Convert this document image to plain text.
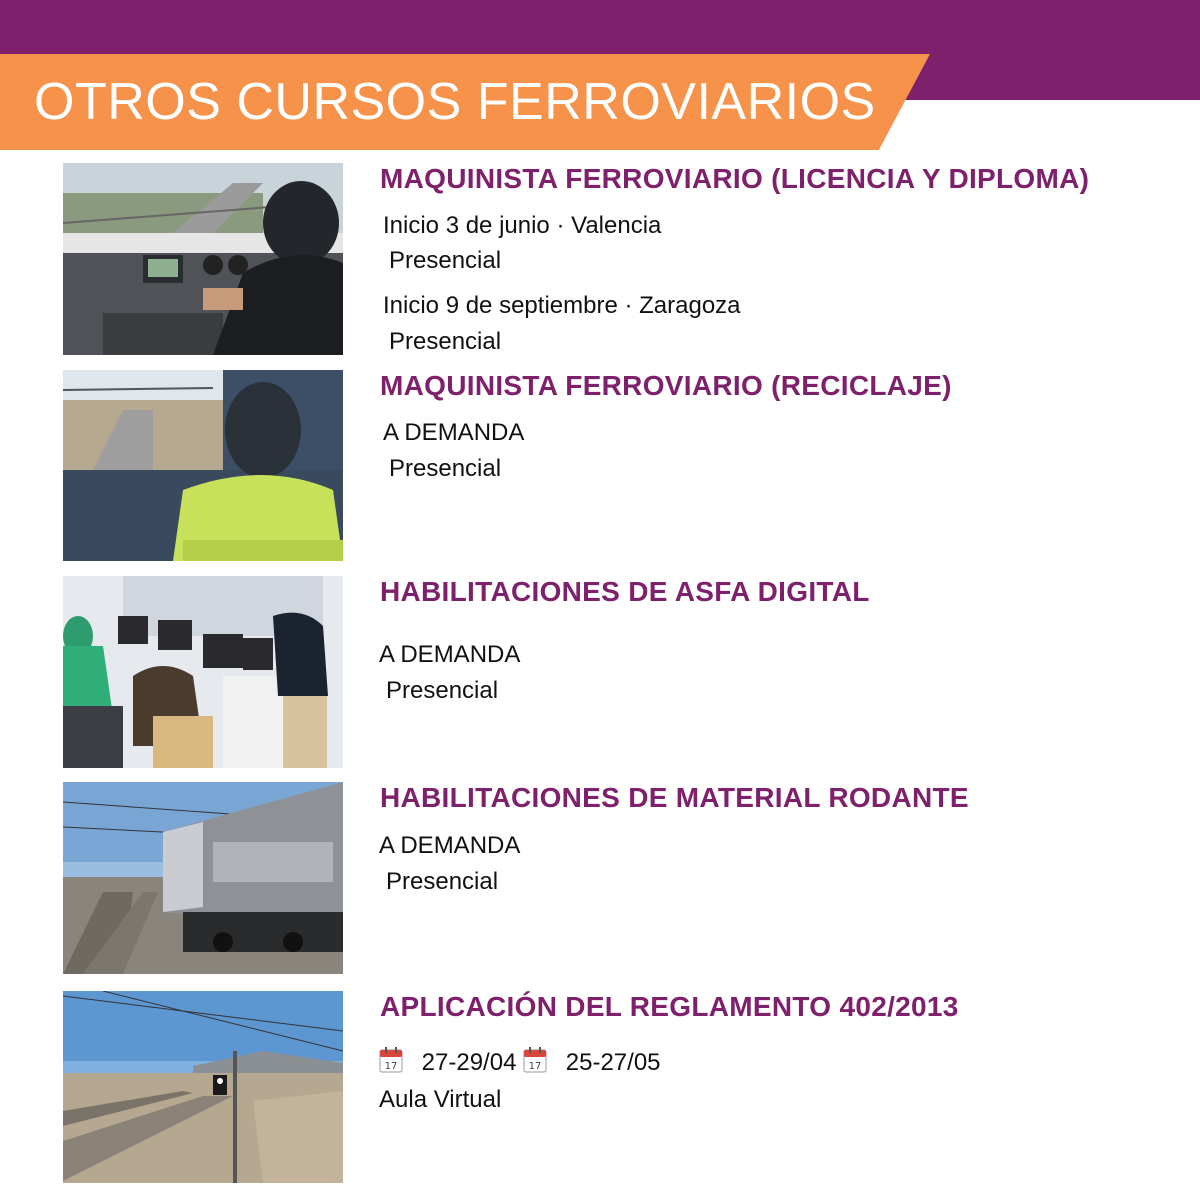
OTROS CURSOS FERROVIARIOS
MAQUINISTA FERROVIARIO (LICENCIA Y DIPLOMA)
Inicio 3 de junio · Valencia
Presencial
Inicio 9 de septiembre · Zaragoza
Presencial
MAQUINISTA FERROVIARIO (RECICLAJE)
A DEMANDA
Presencial
HABILITACIONES DE ASFA DIGITAL
A DEMANDA
Presencial
HABILITACIONES DE MATERIAL RODANTE
A DEMANDA
Presencial
APLICACIÓN DEL REGLAMENTO 402/2013
17 27-29/04 17 25-27/05
Aula Virtual
